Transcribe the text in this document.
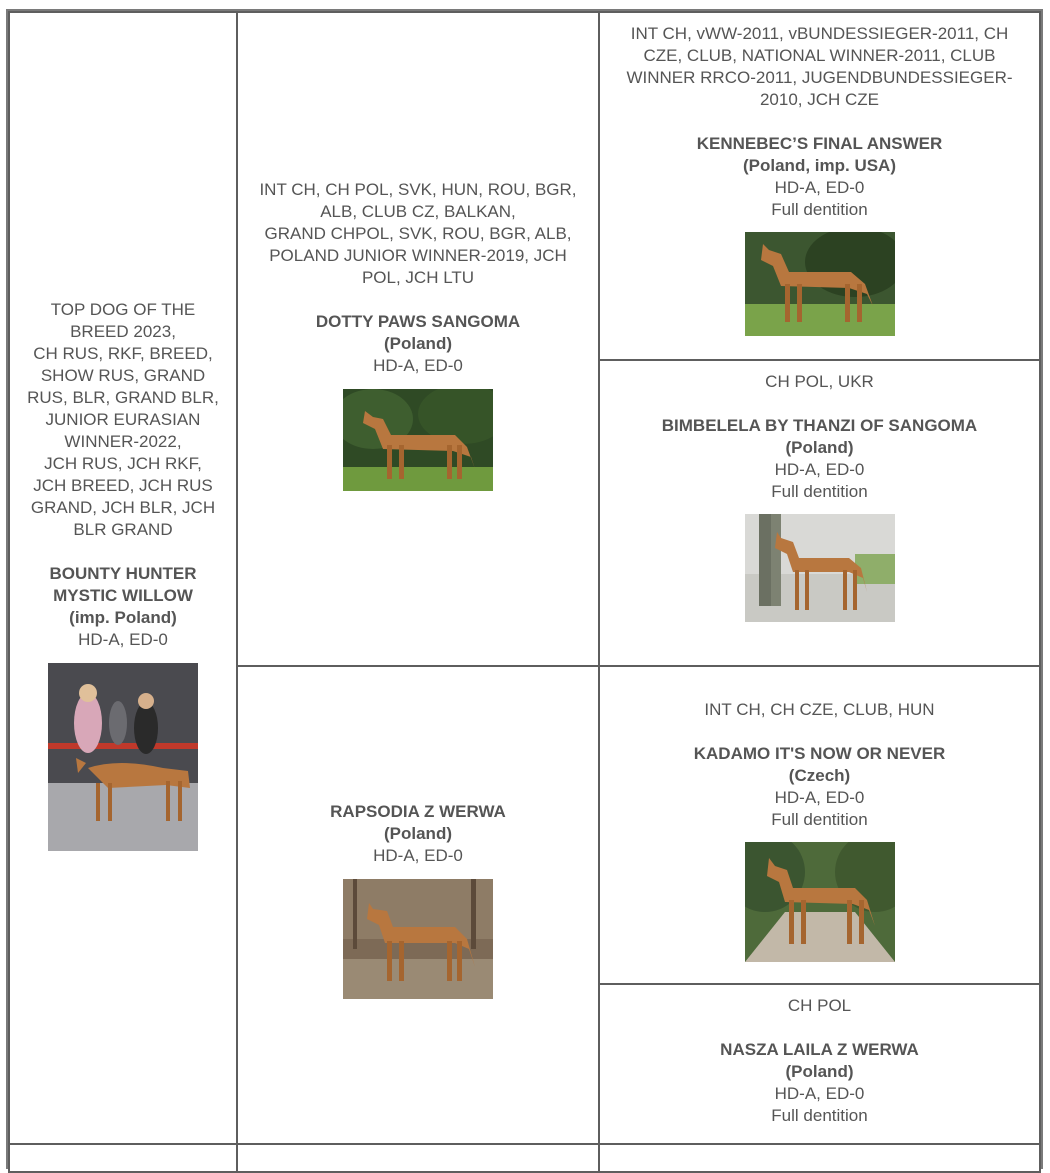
TOP DOG OF THE
BREED 2023,
CH RUS, RKF, BREED,
SHOW RUS, GRAND
RUS, BLR, GRAND BLR,
JUNIOR EURASIAN
WINNER-2022,
JCH RUS, JCH RKF,
JCH BREED, JCH RUS
GRAND, JCH BLR, JCH
BLR GRAND
BOUNTY HUNTER
MYSTIC WILLOW
(imp. Poland)
HD-A, ED-0
INT CH, CH POL, SVK, HUN, ROU, BGR,
ALB, CLUB CZ, BALKAN,
GRAND CHPOL, SVK, ROU, BGR, ALB,
POLAND JUNIOR WINNER-2019, JCH
POL, JCH LTU
DOTTY PAWS SANGOMA
(Poland)
HD-A, ED-0
RAPSODIA Z WERWA
(Poland)
HD-A, ED-0
INT CH, vWW-2011, vBUNDESSIEGER-2011, CH
CZE, CLUB, NATIONAL WINNER-2011, CLUB
WINNER RRCO-2011, JUGENDBUNDESSIEGER-
2010, JCH CZE
KENNEBEC’S FINAL ANSWER
(Poland, imp. USA)
HD-A, ED-0
Full dentition
CH POL, UKR
BIMBELELA BY THANZI OF SANGOMA
(Poland)
HD-A, ED-0
Full dentition
INT CH, CH CZE, CLUB, HUN
KADAMO IT'S NOW OR NEVER
(Czech)
HD-A, ED-0
Full dentition
CH POL
NASZA LAILA Z WERWA
(Poland)
HD-A, ED-0
Full dentition
